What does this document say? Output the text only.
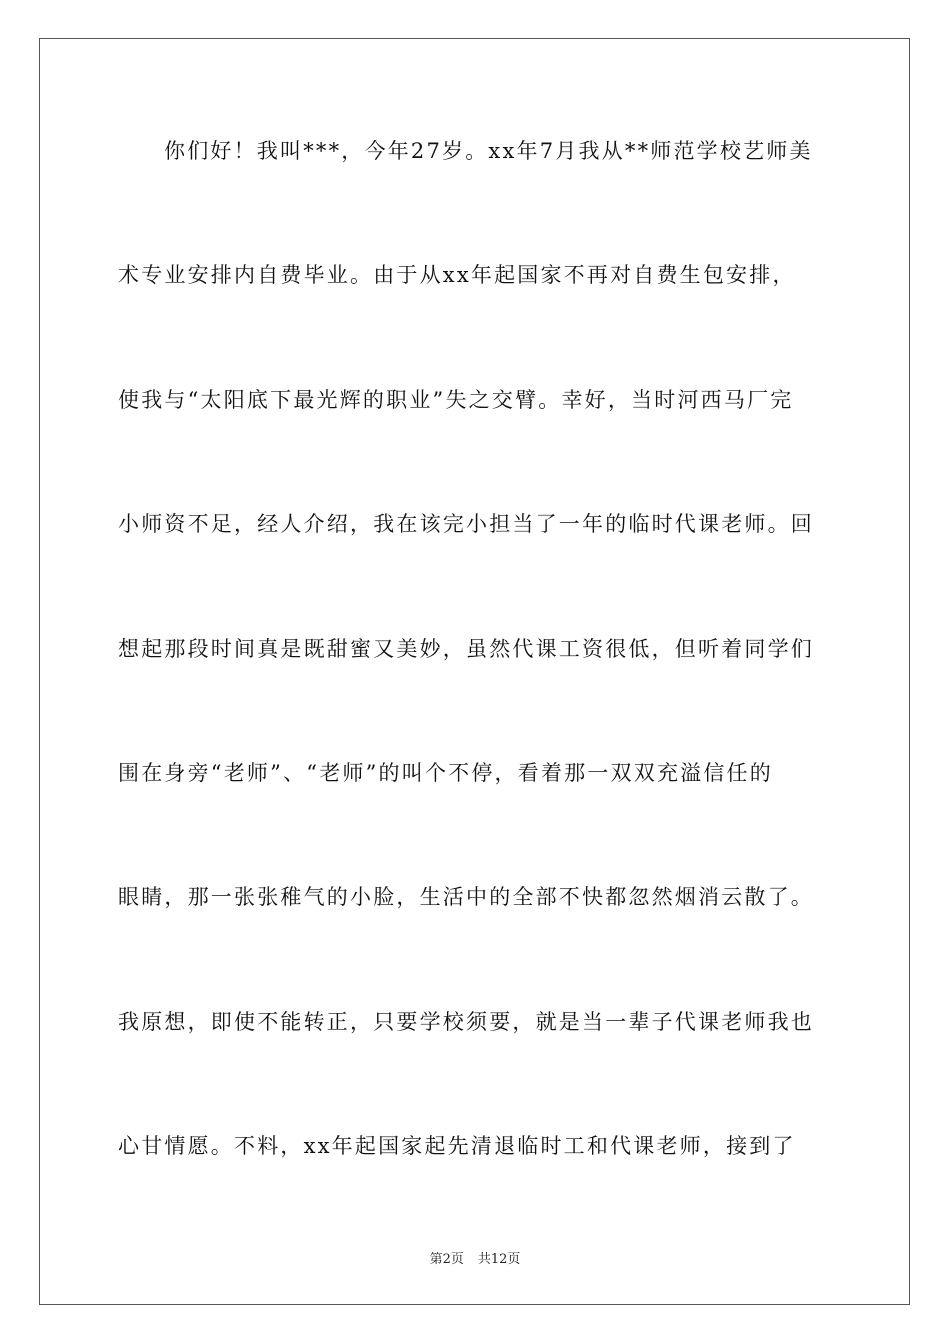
你们好！我叫***，今年27岁。xx年7月我从**师范学校艺师美
术专业安排内自费毕业。由于从xx年起国家不再对自费生包安排，
使我与“太阳底下最光辉的职业”失之交臂。幸好，当时河西马厂完
小师资不足，经人介绍，我在该完小担当了一年的临时代课老师。回
想起那段时间真是既甜蜜又美妙，虽然代课工资很低，但听着同学们
围在身旁“老师”、“老师”的叫个不停，看着那一双双充溢信任的
眼睛，那一张张稚气的小脸，生活中的全部不快都忽然烟消云散了。
我原想，即使不能转正，只要学校须要，就是当一辈子代课老师我也
心甘情愿。不料，xx年起国家起先清退临时工和代课老师，接到了
第2页 共12页
